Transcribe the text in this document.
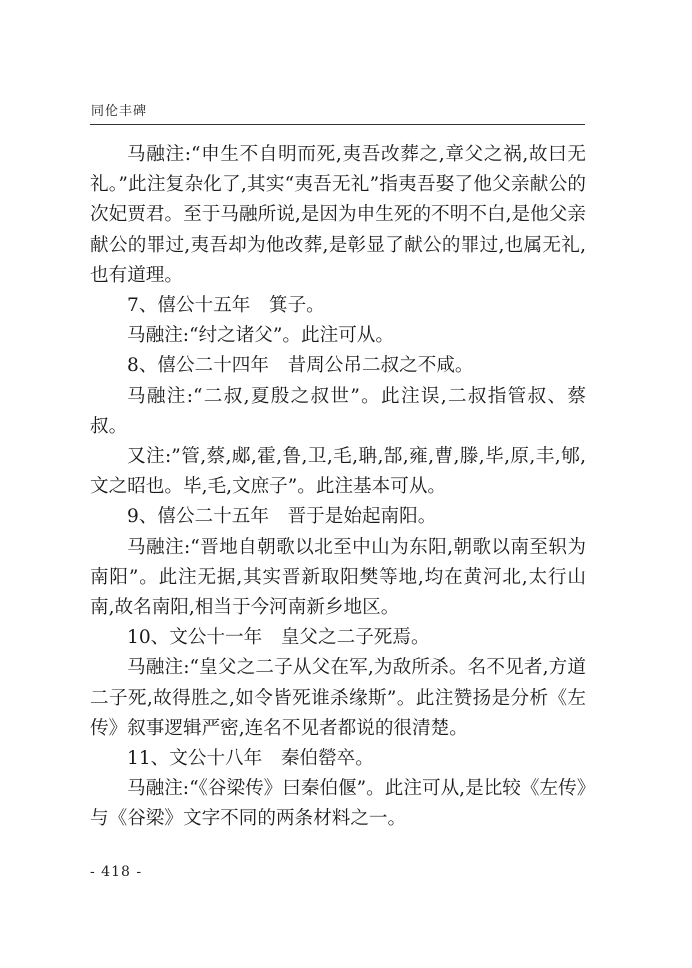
同伦丰碑

马融注:“申生不自明而死,夷吾改葬之,章父之祸,故曰无礼。”此注复杂化了,其实“夷吾无礼”指夷吾娶了他父亲献公的次妃贾君。至于马融所说,是因为申生死的不明不白,是他父亲献公的罪过,夷吾却为他改葬,是彰显了献公的罪过,也属无礼,也有道理。

7、僖公十五年　箕子。

马融注:“纣之诸父”。此注可从。

8、僖公二十四年　昔周公吊二叔之不咸。

马融注:“二叔,夏殷之叔世”。此注误,二叔指管叔、蔡叔。

又注:”管,蔡,郕,霍,鲁,卫,毛,聃,郜,雍,曹,滕,毕,原,丰,郇,文之昭也。毕,毛,文庶子”。此注基本可从。

9、僖公二十五年　晋于是始起南阳。

马融注:“晋地自朝歌以北至中山为东阳,朝歌以南至轵为南阳”。此注无据,其实晋新取阳樊等地,均在黄河北,太行山南,故名南阳,相当于今河南新乡地区。

10、文公十一年　皇父之二子死焉。

马融注:“皇父之二子从父在军,为敌所杀。名不见者,方道二子死,故得胜之,如令皆死谁杀缘斯”。此注赞扬是分析《左传》叙事逻辑严密,连名不见者都说的很清楚。

11、文公十八年　秦伯罃卒。

马融注:“《谷梁传》曰秦伯偃”。此注可从,是比较《左传》与《谷梁》文字不同的两条材料之一。

- 418 -
